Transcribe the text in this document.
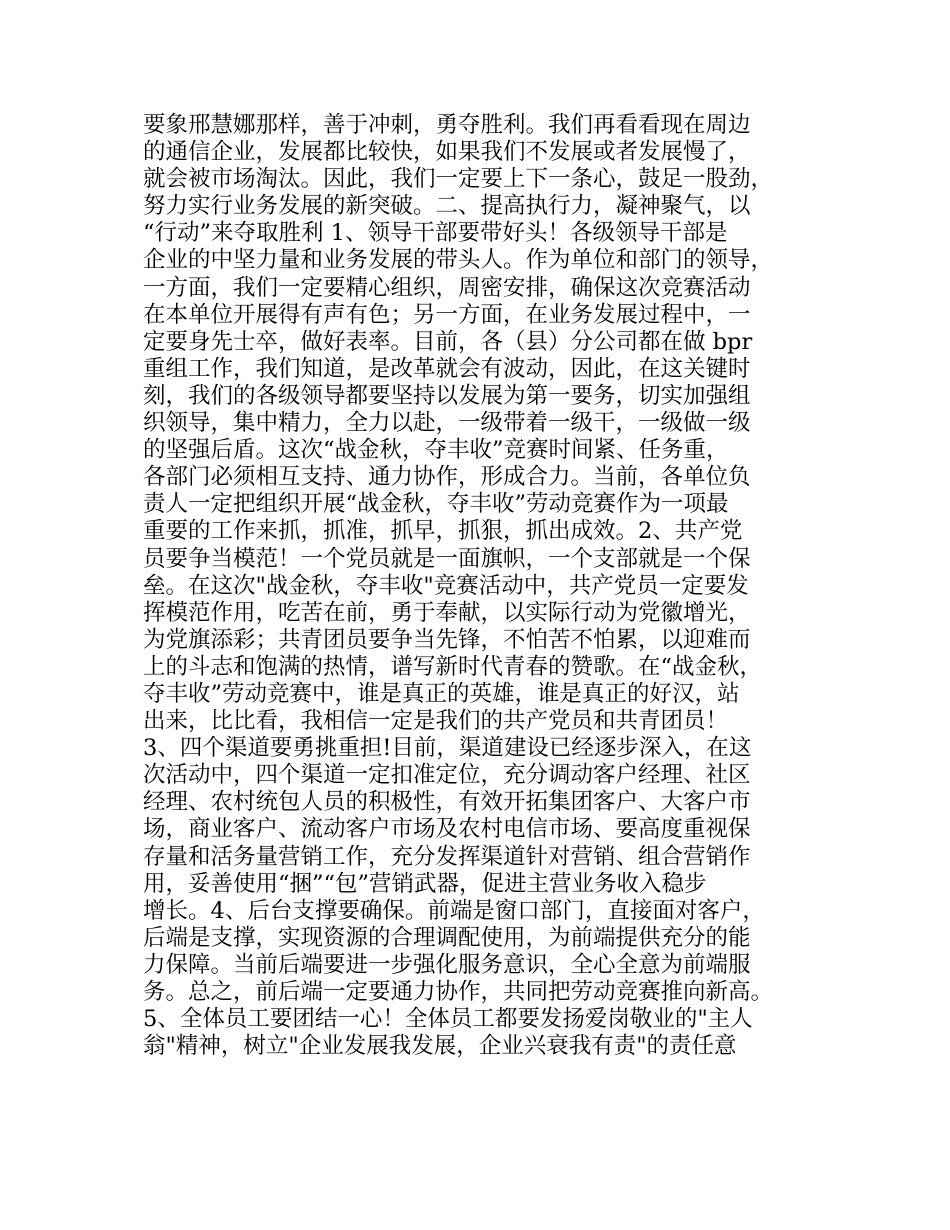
要象邢慧娜那样，善于冲刺，勇夺胜利。我们再看看现在周边
的通信企业，发展都比较快，如果我们不发展或者发展慢了，
就会被市场淘汰。因此，我们一定要上下一条心，鼓足一股劲，
努力实行业务发展的新突破。二、提高执行力，凝神聚气，以
“行动”来夺取胜利 1、领导干部要带好头！各级领导干部是
企业的中坚力量和业务发展的带头人。作为单位和部门的领导，
一方面，我们一定要精心组织，周密安排，确保这次竞赛活动
在本单位开展得有声有色；另一方面，在业务发展过程中，一
定要身先士卒，做好表率。目前，各（县）分公司都在做 bpr
重组工作，我们知道，是改革就会有波动，因此，在这关键时
刻，我们的各级领导都要坚持以发展为第一要务，切实加强组
织领导，集中精力，全力以赴，一级带着一级干，一级做一级
的坚强后盾。这次“战金秋，夺丰收”竞赛时间紧、任务重，
各部门必须相互支持、通力协作，形成合力。当前，各单位负
责人一定把组织开展“战金秋，夺丰收”劳动竞赛作为一项最
重要的工作来抓，抓准，抓早，抓狠，抓出成效。2、共产党
员要争当模范！一个党员就是一面旗帜，一个支部就是一个保
垒。在这次"战金秋，夺丰收"竞赛活动中，共产党员一定要发
挥模范作用，吃苦在前，勇于奉献，以实际行动为党徽增光，
为党旗添彩；共青团员要争当先锋，不怕苦不怕累，以迎难而
上的斗志和饱满的热情，谱写新时代青春的赞歌。在“战金秋，
夺丰收”劳动竞赛中，谁是真正的英雄，谁是真正的好汉，站
出来，比比看，我相信一定是我们的共产党员和共青团员！
3、四个渠道要勇挑重担!目前，渠道建设已经逐步深入，在这
次活动中，四个渠道一定扣准定位，充分调动客户经理、社区
经理、农村统包人员的积极性，有效开拓集团客户、大客户市
场，商业客户、流动客户市场及农村电信市场、要高度重视保
存量和活务量营销工作，充分发挥渠道针对营销、组合营销作
用，妥善使用“捆”“包”营销武器，促进主营业务收入稳步
增长。4、后台支撑要确保。前端是窗口部门，直接面对客户，
后端是支撑，实现资源的合理调配使用，为前端提供充分的能
力保障。当前后端要进一步强化服务意识，全心全意为前端服
务。总之，前后端一定要通力协作，共同把劳动竞赛推向新高。
5、全体员工要团结一心！全体员工都要发扬爱岗敬业的"主人
翁"精神，树立"企业发展我发展，企业兴衰我有责"的责任意
